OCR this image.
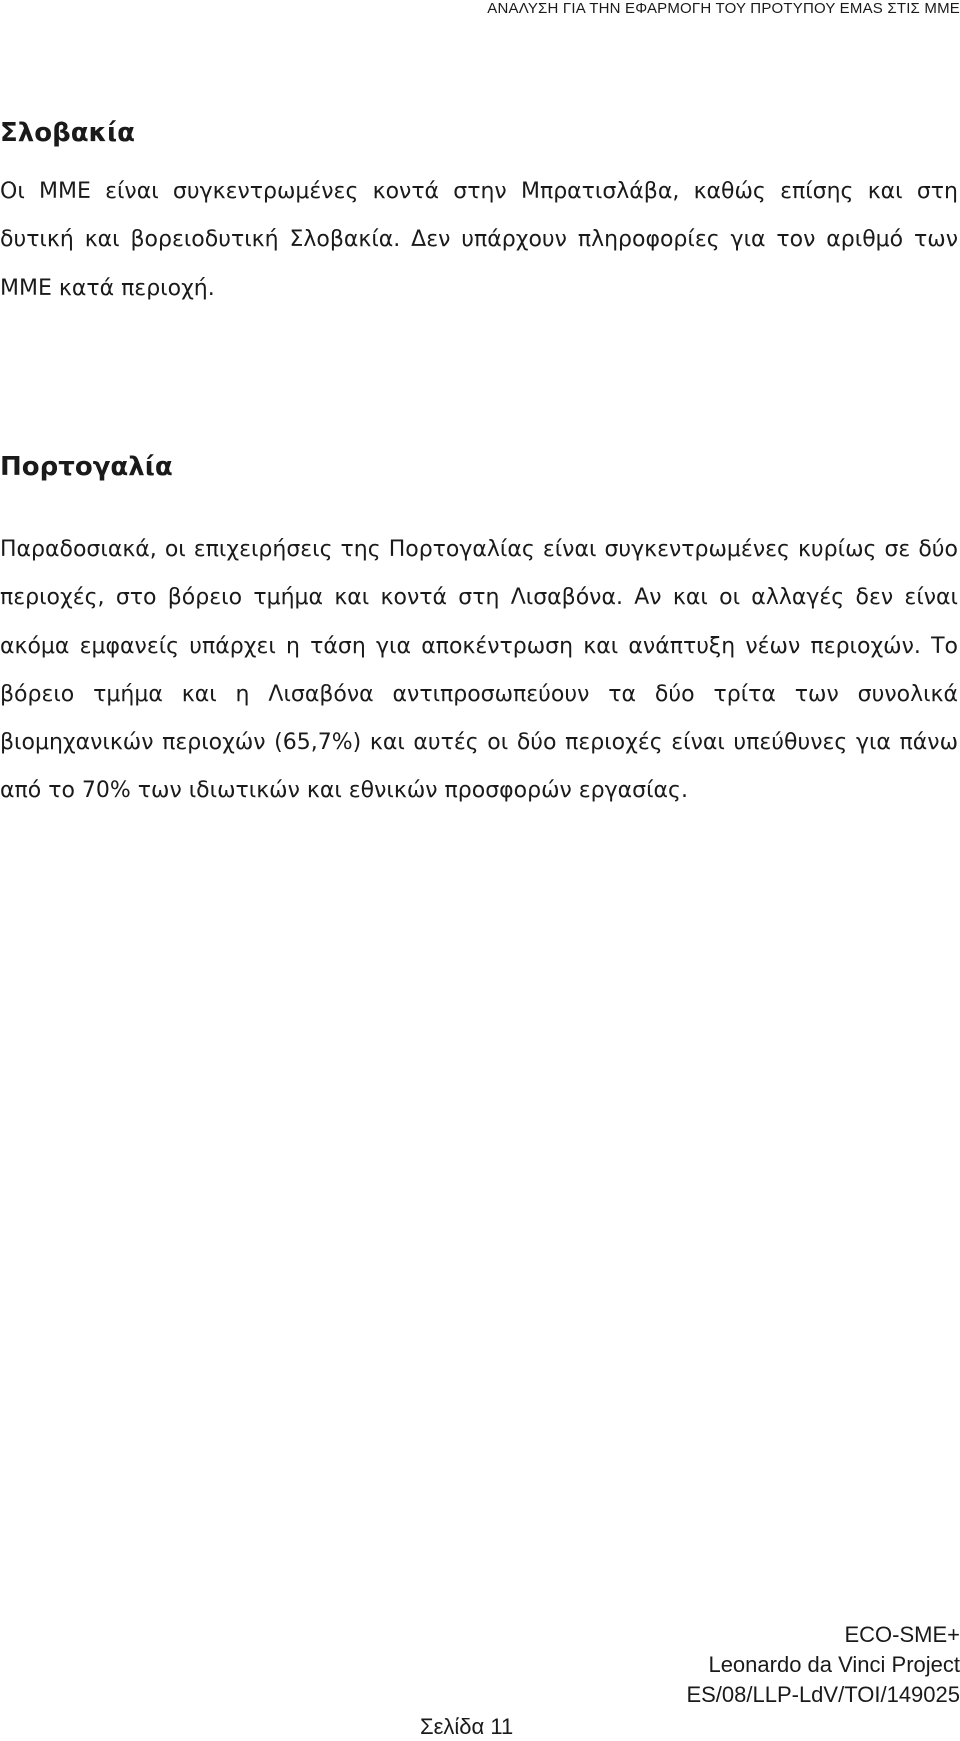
ΑΝΑΛΥΣΗ ΓΙΑ ΤΗΝ ΕΦΑΡΜΟΓΗ ΤΟΥ ΠΡΟΤΥΠΟΥ EMAS ΣΤΙΣ ΜΜΕ
Σλοβακία

Οι ΜΜΕ είναι συγκεντρωμένες κοντά στην Μπρατισλάβα, καθώς επίσης και στη δυτική και βορειοδυτική Σλοβακία. Δεν υπάρχουν πληροφορίες για τον αριθμό των ΜΜΕ κατά περιοχή.

Πορτογαλία

Παραδοσιακά, οι επιχειρήσεις της Πορτογαλίας είναι συγκεντρωμένες κυρίως σε δύο περιοχές, στο βόρειο τμήμα και κοντά στη Λισαβόνα. Αν και οι αλλαγές δεν είναι ακόμα εμφανείς υπάρχει η τάση για αποκέντρωση και ανάπτυξη νέων περιοχών. Το βόρειο τμήμα και η Λισαβόνα αντιπροσωπεύουν τα δύο τρίτα των συνολικά βιομηχανικών περιοχών (65,7%) και αυτές οι δύο περιοχές είναι υπεύθυνες για πάνω από το 70% των ιδιωτικών και εθνικών προσφορών εργασίας.

ECO-SME+
Leonardo da Vinci Project
ES/08/LLP-LdV/TOI/149025
Σελίδα 11
